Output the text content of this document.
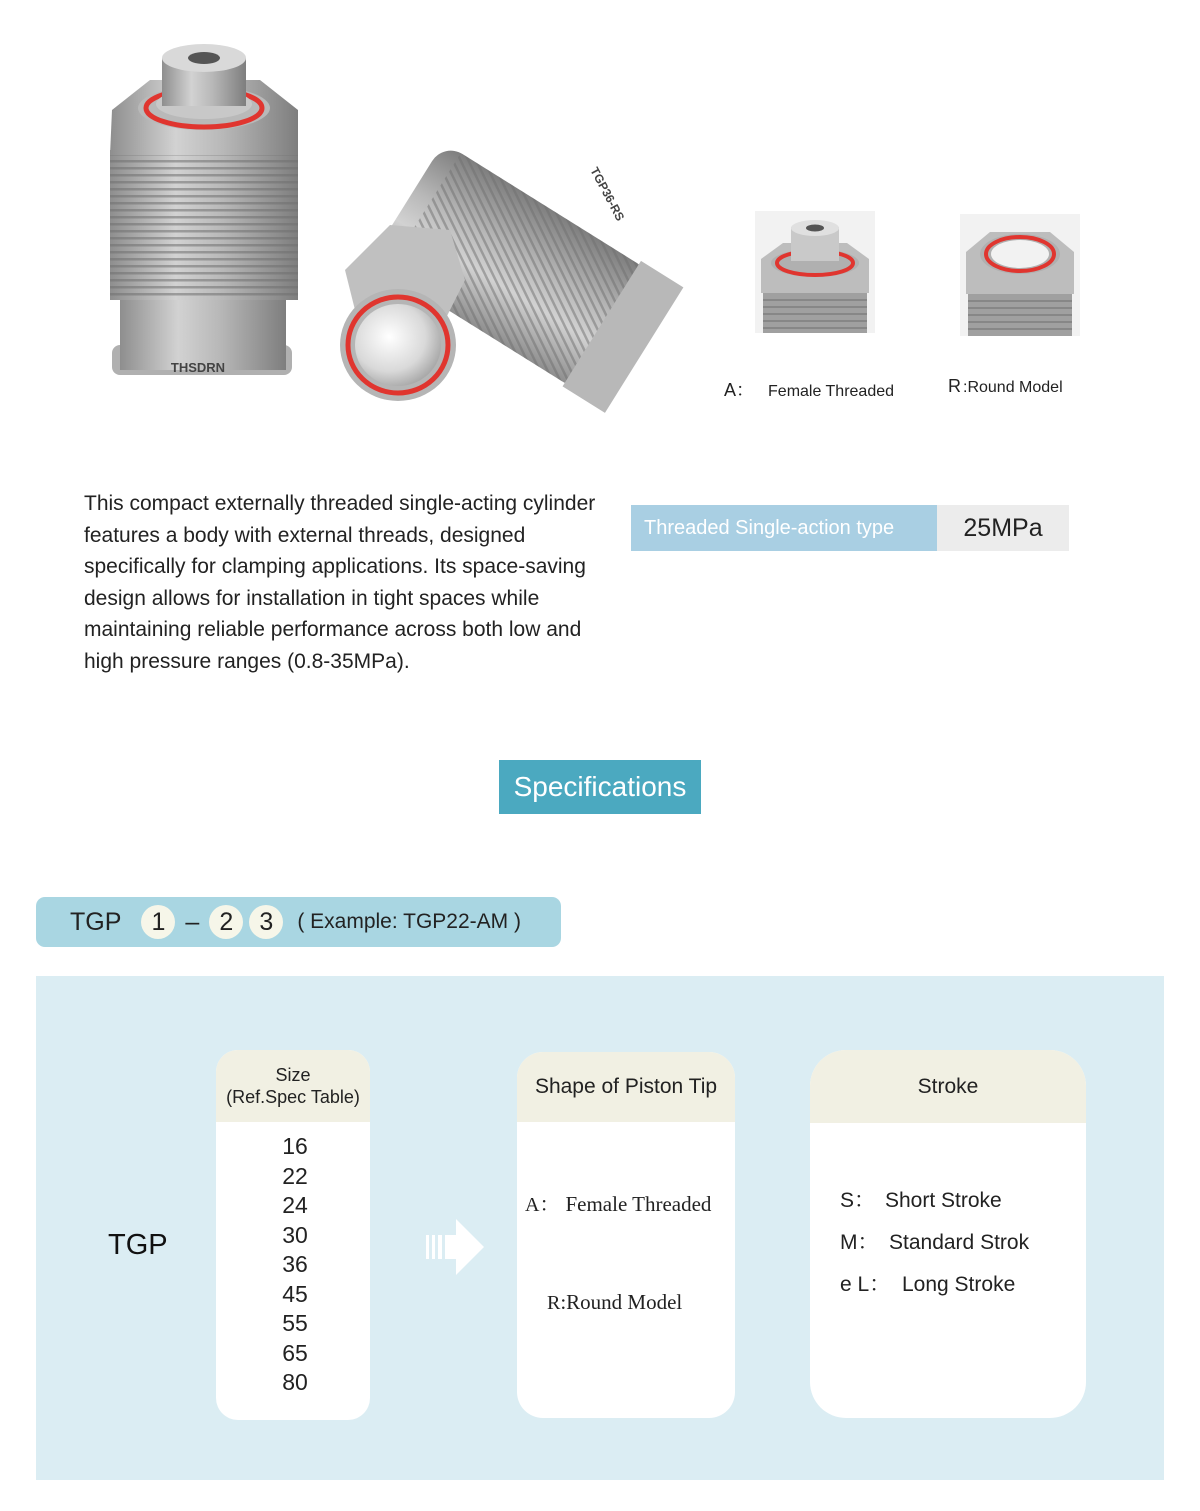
THSDRN
TGP36-RS
A： Female Threaded	R :Round Model
This compact externally threaded single-acting cylinder features a body with external threads, designed specifically for clamping applications. Its space-saving design allows for installation in tight spaces while maintaining reliable performance across both low and high pressure ranges (0.8-35MPa).
Threaded Single-action type	25MPa
Specifications
TGP	1 – 2	3	( Example: TGP22-AM )
TGP
Size
(Ref.Spec Table)
16
22
24
30
36
45
55
65
80
Shape of Piston Tip
A： Female Threaded
R:Round Model
Stroke
S： Short Stroke
M： Standard Strok
e L： Long Stroke
